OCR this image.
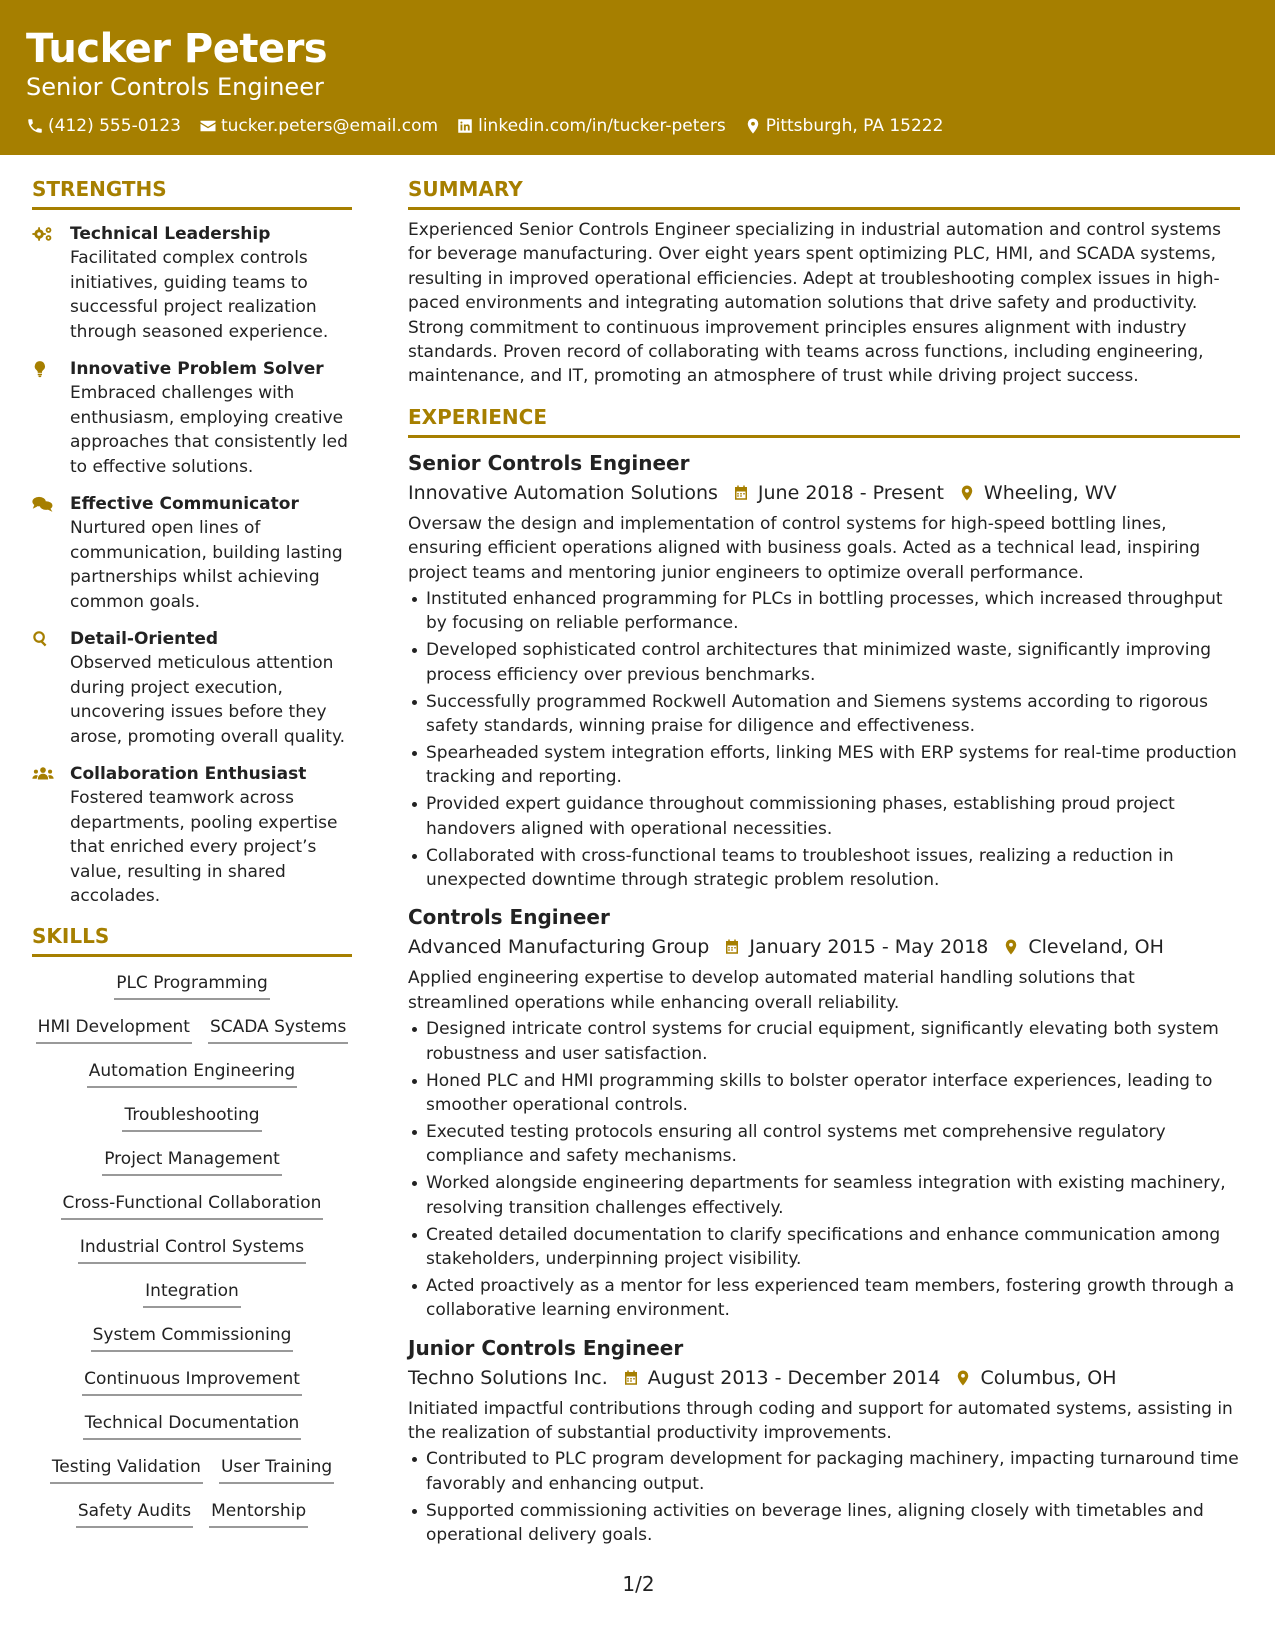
Tucker Peters
Senior Controls Engineer
(412) 555-0123 tucker.peters@email.com linkedin.com/in/tucker-peters Pittsburgh, PA 15222
STRENGTHS
Technical Leadership
Facilitated complex controls initiatives, guiding teams to successful project realization through seasoned experience.
Innovative Problem Solver
Embraced challenges with enthusiasm, employing creative approaches that consistently led to effective solutions.
Effective Communicator
Nurtured open lines of communication, building lasting partnerships whilst achieving common goals.
Detail-Oriented
Observed meticulous attention during project execution, uncovering issues before they arose, promoting overall quality.
Collaboration Enthusiast
Fostered teamwork across departments, pooling expertise that enriched every project’s value, resulting in shared accolades.
SKILLS
PLC Programming
HMI Development SCADA Systems
Automation Engineering
Troubleshooting
Project Management
Cross-Functional Collaboration
Industrial Control Systems
Integration
System Commissioning
Continuous Improvement
Technical Documentation
Testing Validation User Training
Safety Audits Mentorship
SUMMARY
Experienced Senior Controls Engineer specializing in industrial automation and control systems for beverage manufacturing. Over eight years spent optimizing PLC, HMI, and SCADA systems, resulting in improved operational efficiencies. Adept at troubleshooting complex issues in high-paced environments and integrating automation solutions that drive safety and productivity. Strong commitment to continuous improvement principles ensures alignment with industry standards. Proven record of collaborating with teams across functions, including engineering, maintenance, and IT, promoting an atmosphere of trust while driving project success.
EXPERIENCE
Senior Controls Engineer
Innovative Automation Solutions June 2018 - Present Wheeling, WV
Oversaw the design and implementation of control systems for high-speed bottling lines, ensuring efficient operations aligned with business goals. Acted as a technical lead, inspiring project teams and mentoring junior engineers to optimize overall performance.
Instituted enhanced programming for PLCs in bottling processes, which increased throughput by focusing on reliable performance.
Developed sophisticated control architectures that minimized waste, significantly improving process efficiency over previous benchmarks.
Successfully programmed Rockwell Automation and Siemens systems according to rigorous safety standards, winning praise for diligence and effectiveness.
Spearheaded system integration efforts, linking MES with ERP systems for real-time production tracking and reporting.
Provided expert guidance throughout commissioning phases, establishing proud project handovers aligned with operational necessities.
Collaborated with cross-functional teams to troubleshoot issues, realizing a reduction in unexpected downtime through strategic problem resolution.
Controls Engineer
Advanced Manufacturing Group January 2015 - May 2018 Cleveland, OH
Applied engineering expertise to develop automated material handling solutions that streamlined operations while enhancing overall reliability.
Designed intricate control systems for crucial equipment, significantly elevating both system robustness and user satisfaction.
Honed PLC and HMI programming skills to bolster operator interface experiences, leading to smoother operational controls.
Executed testing protocols ensuring all control systems met comprehensive regulatory compliance and safety mechanisms.
Worked alongside engineering departments for seamless integration with existing machinery, resolving transition challenges effectively.
Created detailed documentation to clarify specifications and enhance communication among stakeholders, underpinning project visibility.
Acted proactively as a mentor for less experienced team members, fostering growth through a collaborative learning environment.
Junior Controls Engineer
Techno Solutions Inc. August 2013 - December 2014 Columbus, OH
Initiated impactful contributions through coding and support for automated systems, assisting in the realization of substantial productivity improvements.
Contributed to PLC program development for packaging machinery, impacting turnaround time favorably and enhancing output.
Supported commissioning activities on beverage lines, aligning closely with timetables and operational delivery goals.
1/2
